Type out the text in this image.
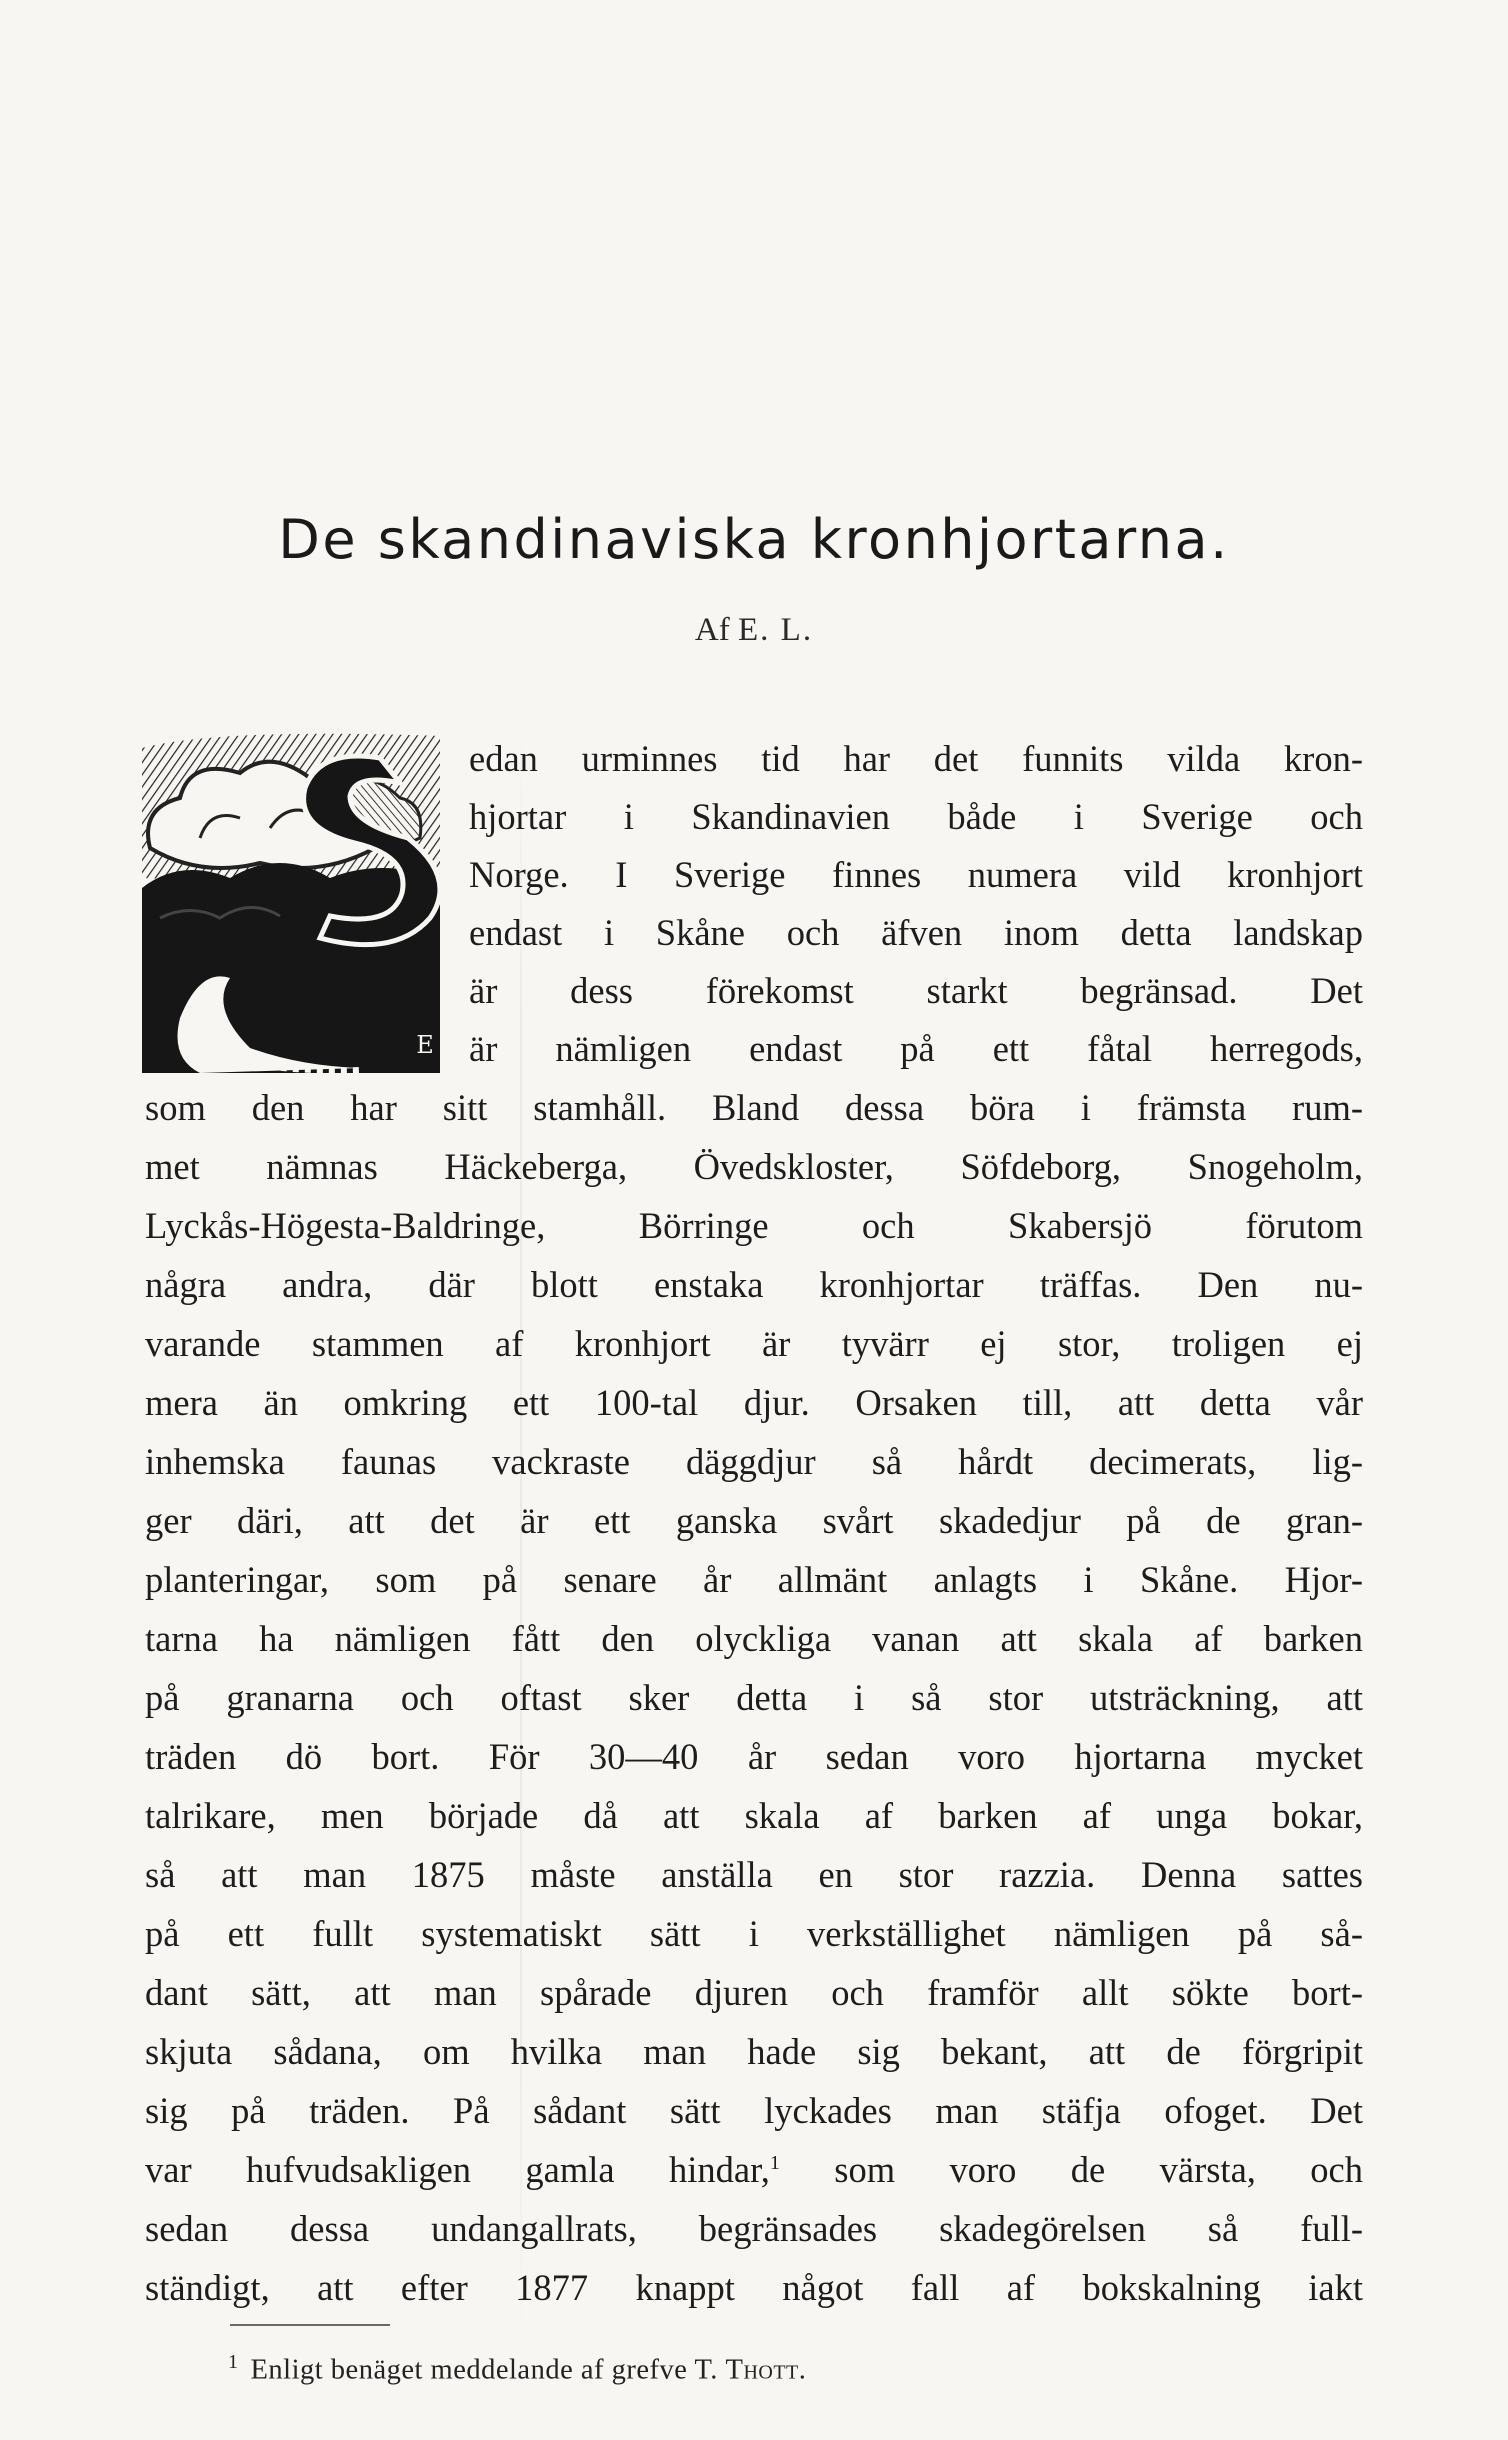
De skandinaviska kronhjortarna.
Af E. L.
E
edan urminnes tid har det funnits vilda kron-
hjortar i Skandinavien både i Sverige och
Norge. I Sverige finnes numera vild kronhjort
endast i Skåne och äfven inom detta landskap
är dess förekomst starkt begränsad. Det
är nämligen endast på ett fåtal herregods,
som den har sitt stamhåll. Bland dessa böra i främsta rum-
met nämnas Häckeberga, Övedskloster, Söfdeborg, Snogeholm,
Lyckås-Högesta-Baldringe, Börringe och Skabersjö förutom
några andra, där blott enstaka kronhjortar träffas. Den nu-
varande stammen af kronhjort är tyvärr ej stor, troligen ej
mera än omkring ett 100-tal djur. Orsaken till, att detta vår
inhemska faunas vackraste däggdjur så hårdt decimerats, lig-
ger däri, att det är ett ganska svårt skadedjur på de gran-
planteringar, som på senare år allmänt anlagts i Skåne. Hjor-
tarna ha nämligen fått den olyckliga vanan att skala af barken
på granarna och oftast sker detta i så stor utsträckning, att
träden dö bort. För 30—40 år sedan voro hjortarna mycket
talrikare, men började då att skala af barken af unga bokar,
så att man 1875 måste anställa en stor razzia. Denna sattes
på ett fullt systematiskt sätt i verkställighet nämligen på så-
dant sätt, att man spårade djuren och framför allt sökte bort-
skjuta sådana, om hvilka man hade sig bekant, att de förgripit
sig på träden. På sådant sätt lyckades man stäfja ofoget. Det
var hufvudsakligen gamla hindar,$^1$ som voro de värsta, och
sedan dessa undangallrats, begränsades skadegörelsen så full-
ständigt, att efter 1877 knappt något fall af bokskalning iakt
$^1$ Enligt benäget meddelande af grefve T. Thott.
